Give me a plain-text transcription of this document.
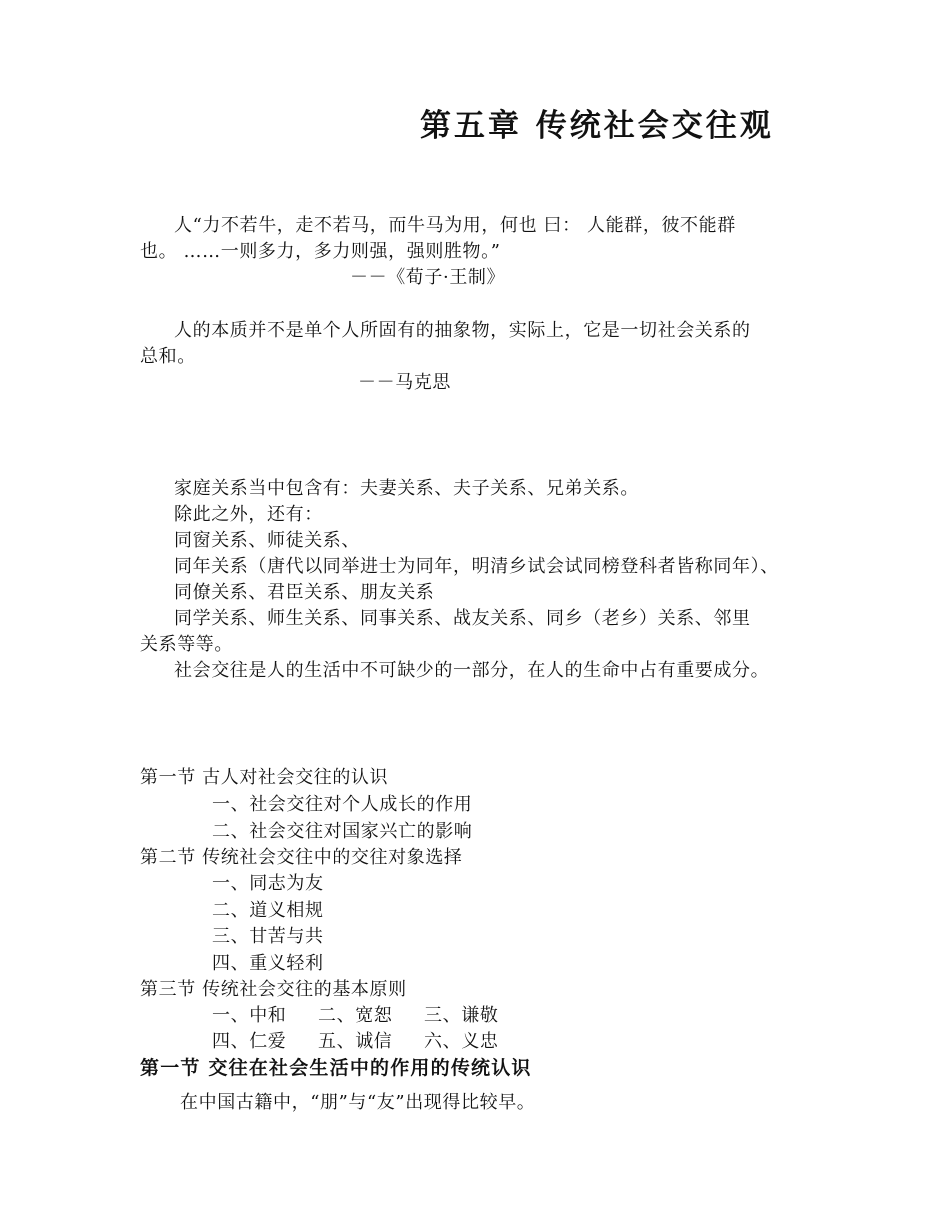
第五章 传统社会交往观
人“力不若牛，走不若马，而牛马为用，何也 曰： 人能群，彼不能群
也。 ……一则多力，多力则强，强则胜物。”
－－《荀子·王制》
人的本质并不是单个人所固有的抽象物，实际上，它是一切社会关系的
总和。
－－马克思
家庭关系当中包含有：夫妻关系、夫子关系、兄弟关系。
除此之外，还有：
同窗关系、师徒关系、
同年关系（唐代以同举进士为同年，明清乡试会试同榜登科者皆称同年）、
同僚关系、君臣关系、朋友关系
同学关系、师生关系、同事关系、战友关系、同乡（老乡）关系、邻里
关系等等。
社会交往是人的生活中不可缺少的一部分，在人的生命中占有重要成分。
第一节 古人对社会交往的认识
一、社会交往对个人成长的作用
二、社会交往对国家兴亡的影响
第二节 传统社会交往中的交往对象选择
一、同志为友
二、道义相规
三、甘苦与共
四、重义轻利
第三节 传统社会交往的基本原则
一、中和     二、宽恕     三、谦敬
四、仁爱     五、诚信     六、义忠
第一节 交往在社会生活中的作用的传统认识
在中国古籍中，“朋”与“友”出现得比较早。
